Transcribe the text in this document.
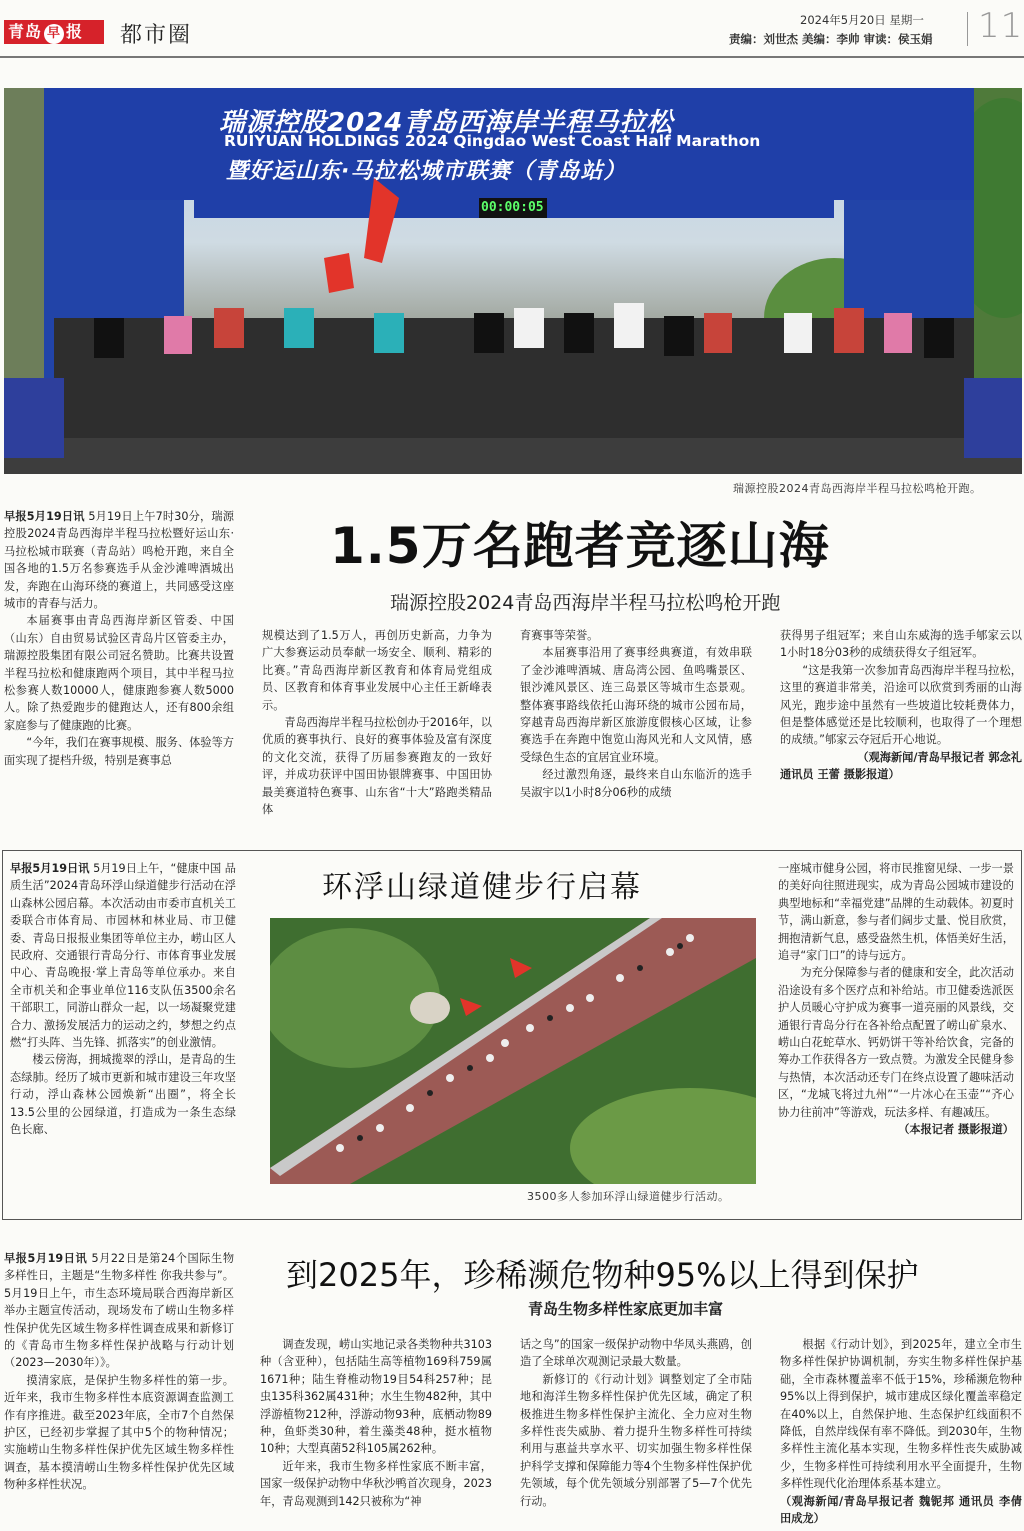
青岛 早 报	都市圈
2024年5月20日 星期一
责编：刘世杰 美编：李帅 审读：侯玉娟 11
瑞源控股2024青岛西海岸半程马拉松
RUIYUAN HOLDINGS 2024 Qingdao West Coast Half Marathon
暨好运山东·马拉松城市联赛（青岛站）
00:00:05
瑞源控股2024青岛西海岸半程马拉松鸣枪开跑。
1.5万名跑者竞逐山海
瑞源控股2024青岛西海岸半程马拉松鸣枪开跑

早报5月19日讯 5月19日上午7时30分，瑞源控股2024青岛西海岸半程马拉松暨好运山东·马拉松城市联赛（青岛站）鸣枪开跑，来自全国各地的1.5万名参赛选手从金沙滩啤酒城出发，奔跑在山海环绕的赛道上，共同感受这座城市的青春与活力。

本届赛事由青岛西海岸新区管委、中国（山东）自由贸易试验区青岛片区管委主办，瑞源控股集团有限公司冠名赞助。比赛共设置半程马拉松和健康跑两个项目，其中半程马拉松参赛人数10000人，健康跑参赛人数5000人。除了热爱跑步的健跑达人，还有800余组家庭参与了健康跑的比赛。

“今年，我们在赛事规模、服务、体验等方面实现了提档升级，特别是赛事总

规模达到了1.5万人，再创历史新高，力争为广大参赛运动员奉献一场安全、顺利、精彩的比赛。”青岛西海岸新区教育和体育局党组成员、区教育和体育事业发展中心主任王新峰表示。

青岛西海岸半程马拉松创办于2016年，以优质的赛事执行、良好的赛事体验及富有深度的文化交流，获得了历届参赛跑友的一致好评，并成功获评中国田协银牌赛事、中国田协最美赛道特色赛事、山东省“十大”路跑类精品体

育赛事等荣誉。

本届赛事沿用了赛事经典赛道，有效串联了金沙滩啤酒城、唐岛湾公园、鱼鸣嘴景区、银沙滩风景区、连三岛景区等城市生态景观。整体赛事路线依托山海环绕的城市公园布局，穿越青岛西海岸新区旅游度假核心区域，让参赛选手在奔跑中饱览山海风光和人文风情，感受绿色生态的宜居宜业环境。

经过激烈角逐，最终来自山东临沂的选手吴淑宇以1小时8分06秒的成绩

获得男子组冠军；来自山东威海的选手郇家云以1小时18分03秒的成绩获得女子组冠军。

“这是我第一次参加青岛西海岸半程马拉松，这里的赛道非常美，沿途可以欣赏到秀丽的山海风光，跑步途中虽然有一些坡道比较耗费体力，但是整体感觉还是比较顺利，也取得了一个理想的成绩。”郇家云夺冠后开心地说。

（观海新闻/青岛早报记者 郭念礼

通讯员 王蕾 摄影报道）

环浮山绿道健步行启幕

早报5月19日讯 5月19日上午，“健康中国 品质生活”2024青岛环浮山绿道健步行活动在浮山森林公园启幕。本次活动由市委市直机关工委联合市体育局、市园林和林业局、市卫健委、青岛日报报业集团等单位主办，崂山区人民政府、交通银行青岛分行、市体育事业发展中心、青岛晚报·掌上青岛等单位承办。来自全市机关和企事业单位116支队伍3500余名干部职工，同游山群众一起，以一场凝聚党建合力、激扬发展活力的运动之约，梦想之约点燃“打头阵、当先锋、抓落实”的创业激情。

楼云傍海，拥城揽翠的浮山，是青岛的生态绿肺。经历了城市更新和城市建设三年攻坚行动，浮山森林公园焕新“出圈”，将全长13.5公里的公园绿道，打造成为一条生态绿色长廊、

3500多人参加环浮山绿道健步行活动。

一座城市健身公园，将市民推窗见绿、一步一景的美好向往照进现实，成为青岛公园城市建设的典型地标和“幸福党建”品牌的生动载体。初夏时节，满山新意，参与者们阔步丈量、悦目欣赏，拥抱清新气息，感受盎然生机，体悟美好生活，追寻“家门口”的诗与远方。

为充分保障参与者的健康和安全，此次活动沿途设有多个医疗点和补给站。市卫健委选派医护人员暖心守护成为赛事一道亮丽的风景线，交通银行青岛分行在各补给点配置了崂山矿泉水、崂山白花蛇草水、钙奶饼干等补给饮食，完备的筹办工作获得各方一致点赞。为激发全民健身参与热情，本次活动还专门在终点设置了趣味活动区，“龙城飞将过九州”“一片冰心在玉壶”“齐心协力往前冲”等游戏，玩法多样、有趣减压。

（本报记者 摄影报道）

到2025年，珍稀濒危物种95%以上得到保护
青岛生物多样性家底更加丰富

早报5月19日讯 5月22日是第24个国际生物多样性日，主题是“生物多样性 你我共参与”。5月19日上午，市生态环境局联合西海岸新区举办主题宣传活动，现场发布了崂山生物多样性保护优先区域生物多样性调查成果和新修订的《青岛市生物多样性保护战略与行动计划（2023—2030年）》。

摸清家底，是保护生物多样性的第一步。近年来，我市生物多样性本底资源调查监测工作有序推进。截至2023年底，全市7个自然保护区，已经初步掌握了其中5个的物种情况；实施崂山生物多样性保护优先区域生物多样性调查，基本摸清崂山生物多样性保护优先区域物种多样性状况。

调查发现，崂山实地记录各类物种共3103种（含亚种），包括陆生高等植物169科759属1671种；陆生脊椎动物19目54科257种；昆虫135科362属431种；水生生物482种，其中浮游植物212种，浮游动物93种，底栖动物89种，鱼虾类30种，着生藻类48种，挺水植物10种；大型真菌52科105属262种。

近年来，我市生物多样性家底不断丰富，国家一级保护动物中华秋沙鸭首次现身，2023年，青岛观测到142只被称为“神

话之鸟”的国家一级保护动物中华凤头燕鸥，创造了全球单次观测记录最大数量。

新修订的《行动计划》调整划定了全市陆地和海洋生物多样性保护优先区域，确定了积极推进生物多样性保护主流化、全力应对生物多样性丧失威胁、着力提升生物多样性可持续利用与惠益共享水平、切实加强生物多样性保护科学支撑和保障能力等4个生物多样性保护优先领域，每个优先领域分别部署了5—7个优先行动。

根据《行动计划》，到2025年，建立全市生物多样性保护协调机制，夯实生物多样性保护基础，全市森林覆盖率不低于15%，珍稀濒危物种95%以上得到保护，城市建成区绿化覆盖率稳定在40%以上，自然保护地、生态保护红线面积不降低，自然岸线保有率不降低。到2030年，生物多样性主流化基本实现，生物多样性丧失威胁减少，生物多样性可持续利用水平全面提升，生物多样性现代化治理体系基本建立。

（观海新闻/青岛早报记者 魏铌邦 通讯员 李倩 田成龙）
